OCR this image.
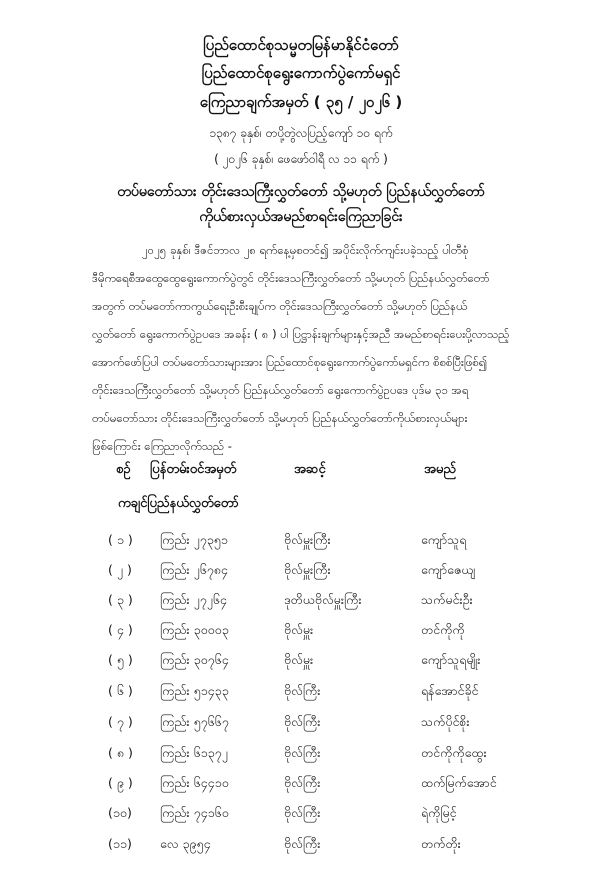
ပြည်ထောင်စုသမ္မတမြန်မာနိုင်ငံတော်
ပြည်ထောင်စုရွေးကောက်ပွဲကော်မရှင်
ကြေညာချက်အမှတ် ( ၃၅ / ၂၀၂၆ )
၁၃၈၇ ခုနှစ်၊ တပို့တွဲလပြည့်ကျော် ၁၀ ရက်
( ၂၀၂၆ ခုနှစ်၊ ဖေဖော်ဝါရီ လ ၁၁ ရက် )
တပ်မတော်သား တိုင်းဒေသကြီးလွှတ်တော် သို့မဟုတ် ပြည်နယ်လွှတ်တော်
ကိုယ်စားလှယ်အမည်စာရင်းကြေညာခြင်း
၂၀၂၅ ခုနှစ်၊ ဒီဇင်ဘာလ ၂၈ ရက်နေ့မှစတင်၍ အပိုင်းလိုက်ကျင်းပခဲ့သည့် ပါတီစုံ
ဒီမိုကရေစီအထွေထွေရွေးကောက်ပွဲတွင် တိုင်းဒေသကြီးလွှတ်တော် သို့မဟုတ် ပြည်နယ်လွှတ်တော်
အတွက် တပ်မတော်ကာကွယ်ရေးဦးစီးချုပ်က တိုင်းဒေသကြီးလွှတ်တော် သို့မဟုတ် ပြည်နယ်
လွှတ်တော် ရွေးကောက်ပွဲဥပဒေ အခန်း ( ၈ ) ပါ ပြဋ္ဌာန်းချက်များနှင့်အညီ အမည်စာရင်းပေးပို့လာသည့်
အောက်ဖော်ပြပါ တပ်မတော်သားများအား ပြည်ထောင်စုရွေးကောက်ပွဲကော်မရှင်က စိစစ်ပြီးဖြစ်၍
တိုင်းဒေသကြီးလွှတ်တော် သို့မဟုတ် ပြည်နယ်လွှတ်တော် ရွေးကောက်ပွဲဥပဒေ ပုဒ်မ ၃၁ အရ
တပ်မတော်သား တိုင်းဒေသကြီးလွှတ်တော် သို့မဟုတ် ပြည်နယ်လွှတ်တော်ကိုယ်စားလှယ်များ
ဖြစ်ကြောင်း ကြေညာလိုက်သည် -
စဉ် ပြန်တမ်းဝင်အမှတ်	အဆင့်	အမည်
ကချင်ပြည်နယ်လွှတ်တော်
( ၁ ) ကြည်း ၂၇၃၅၁	ဗိုလ်မှူးကြီး	ကျော်သူရ
( ၂ ) ကြည်း ၂၆၇၈၄	ဗိုလ်မှူးကြီး	ကျော်ဇေယျ
( ၃ ) ကြည်း ၂၇၂၆၄	ဒုတိယဗိုလ်မှူးကြီး	သက်မင်းဦး
( ၄ ) ကြည်း ၃၀၀၀၃	ဗိုလ်မှူး	တင်ကိုကို
( ၅ ) ကြည်း ၃၀၇၆၄	ဗိုလ်မှူး	ကျော်သူရမျိုး
( ၆ ) ကြည်း ၅၁၄၃၃	ဗိုလ်ကြီး	ရန်အောင်ခိုင်
( ၇ ) ကြည်း ၅၇၆၆၇	ဗိုလ်ကြီး	သက်ပိုင်စိုး
( ၈ ) ကြည်း ၆၁၃၇၂	ဗိုလ်ကြီး	တင်ကိုကိုထွေး
( ၉ ) ကြည်း ၆၄၄၁၀	ဗိုလ်ကြီး	ထက်မြက်အောင်
(၁၀) ကြည်း ၇၄၁၆၀	ဗိုလ်ကြီး	ရဲကိုမြင့်
(၁၁) လေ ၃၉၅၄	ဗိုလ်ကြီး	တက်တိုး
